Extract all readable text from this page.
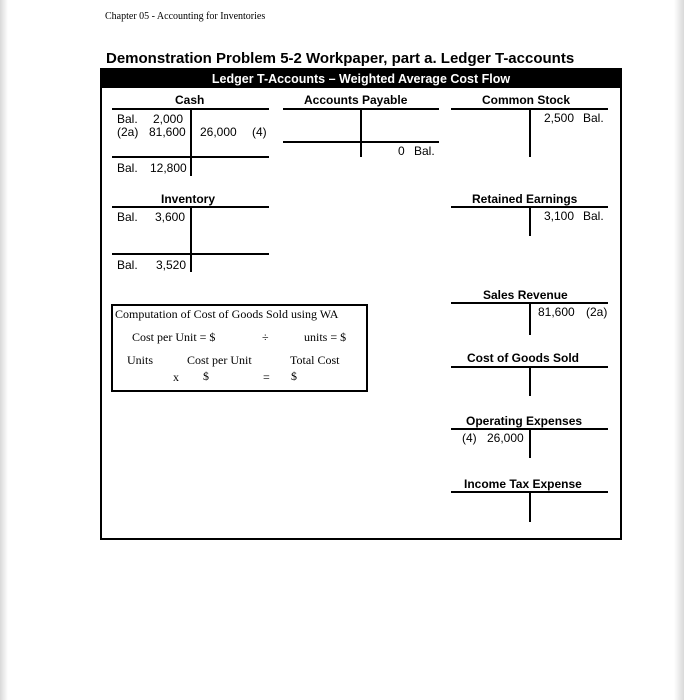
Chapter 05 - Accounting for Inventories
Demonstration Problem 5-2 Workpaper, part a. Ledger T-accounts
Ledger T-Accounts – Weighted Average Cost Flow
Cash
Bal. 2,000
(2a) 81,600 26,000 (4)
Bal. 12,800
Accounts Payable
0 Bal.
Common Stock
2,500 Bal.
Inventory
Bal. 3,600
Bal. 3,520
Retained Earnings
3,100 Bal.
Sales Revenue
81,600 (2a)
Cost of Goods Sold
Operating Expenses
(4) 26,000
Income Tax Expense
Computation of Cost of Goods Sold using WA
Cost per Unit = $	÷	units = $
Units	Cost per Unit	Total Cost
x $	= $
